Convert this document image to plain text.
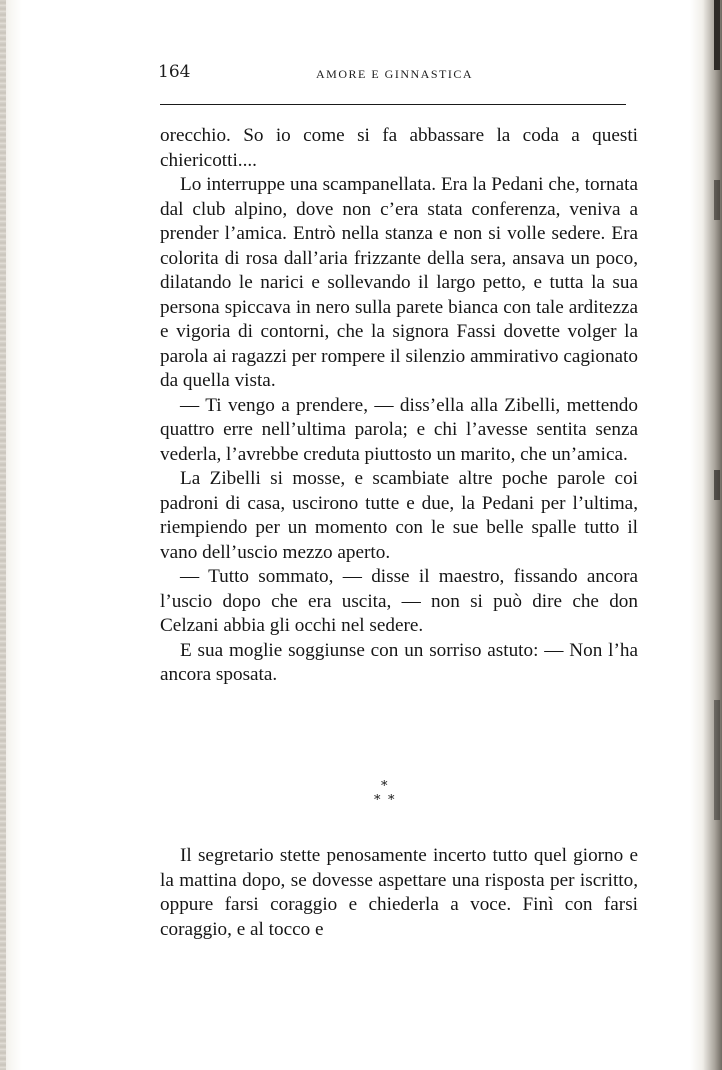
164	AMORE E GINNASTICA

orecchio. So io come si fa abbassare la coda a questi chiericotti....

Lo interruppe una scampanellata. Era la Pedani che, tornata dal club alpino, dove non c’era stata conferenza, veniva a prender l’amica. Entrò nella stanza e non si volle sedere. Era colorita di rosa dall’aria frizzante della sera, ansava un poco, dilatando le narici e sollevando il largo petto, e tutta la sua persona spiccava in nero sulla parete bianca con tale arditezza e vigoria di contorni, che la signora Fassi dovette volger la parola ai ragazzi per rompere il silenzio ammirativo cagionato da quella vista.

— Ti vengo a prendere, — diss’ella alla Zibelli, mettendo quattro erre nell’ultima parola; e chi l’avesse sentita senza vederla, l’avrebbe creduta piuttosto un marito, che un’amica.

La Zibelli si mosse, e scambiate altre poche parole coi padroni di casa, uscirono tutte e due, la Pedani per l’ultima, riempiendo per un momento con le sue belle spalle tutto il vano dell’uscio mezzo aperto.

— Tutto sommato, — disse il maestro, fissando ancora l’uscio dopo che era uscita, — non si può dire che don Celzani abbia gli occhi nel sedere.

E sua moglie soggiunse con un sorriso astuto: — Non l’ha ancora sposata.

*
* *

Il segretario stette penosamente incerto tutto quel giorno e la mattina dopo, se dovesse aspettare una risposta per iscritto, oppure farsi coraggio e chiederla a voce. Finì con farsi coraggio, e al tocco e
